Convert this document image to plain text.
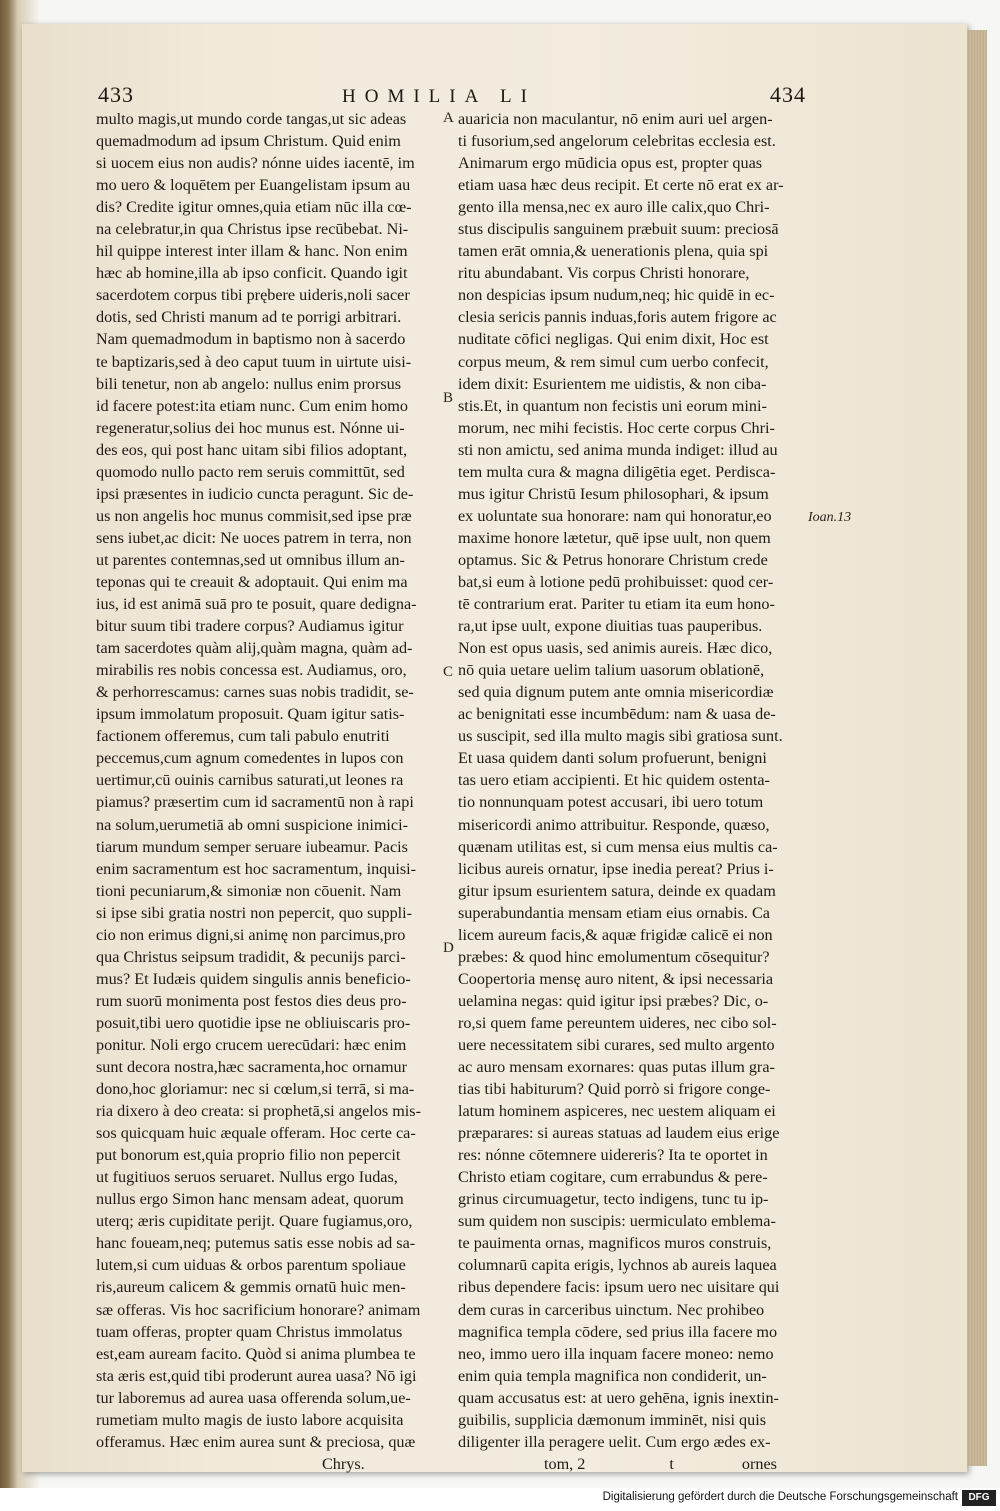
433	HOMILIA LI	434
multo magis,ut mundo corde tangas,ut sic adeas
quemadmodum ad ipsum Christum. Quid enim
si uocem eius non audis? nónne uides iacentē, im
mo uero & loquētem per Euangelistam ipsum au
dis? Credite igitur omnes,quia etiam nūc illa cœ-
na celebratur,in qua Christus ipse recūbebat. Ni-
hil quippe interest inter illam & hanc. Non enim
hæc ab homine,illa ab ipso conficit. Quando igit
sacerdotem corpus tibi prębere uideris,noli sacer
dotis, sed Christi manum ad te porrigi arbitrari.
Nam quemadmodum in baptismo non à sacerdo
te baptizaris,sed à deo caput tuum in uirtute uisi-
bili tenetur, non ab angelo: nullus enim prorsus
id facere potest:ita etiam nunc. Cum enim homo
regeneratur,solius dei hoc munus est. Nónne ui-
des eos, qui post hanc uitam sibi filios adoptant,
quomodo nullo pacto rem seruis committūt, sed
ipsi præsentes in iudicio cuncta peragunt. Sic de-
us non angelis hoc munus commisit,sed ipse præ
sens iubet,ac dicit: Ne uoces patrem in terra, non
ut parentes contemnas,sed ut omnibus illum an-
teponas qui te creauit & adoptauit. Qui enim ma
ius, id est animā suā pro te posuit, quare dedigna-
bitur suum tibi tradere corpus? Audiamus igitur
tam sacerdotes quàm alij,quàm magna, quàm ad-
mirabilis res nobis concessa est. Audiamus, oro,
& perhorrescamus: carnes suas nobis tradidit, se-
ipsum immolatum proposuit. Quam igitur satis-
factionem offeremus, cum tali pabulo enutriti
peccemus,cum agnum comedentes in lupos con
uertimur,cū ouinis carnibus saturati,ut leones ra
piamus? præsertim cum id sacramentū non à rapi
na solum,uerumetiā ab omni suspicione inimici-
tiarum mundum semper seruare iubeamur. Pacis
enim sacramentum est hoc sacramentum, inquisi-
tioni pecuniarum,& simoniæ non cōuenit. Nam
si ipse sibi gratia nostri non pepercit, quo suppli-
cio non erimus digni,si animę non parcimus,pro
qua Christus seipsum tradidit, & pecunijs parci-
mus? Et Iudæis quidem singulis annis beneficio-
rum suorū monimenta post festos dies deus pro-
posuit,tibi uero quotidie ipse ne obliuiscaris pro-
ponitur. Noli ergo crucem uerecūdari: hæc enim
sunt decora nostra,hæc sacramenta,hoc ornamur
dono,hoc gloriamur: nec si cœlum,si terrā, si ma-
ria dixero à deo creata: si prophetā,si angelos mis-
sos quicquam huic æquale offeram. Hoc certe ca-
put bonorum est,quia proprio filio non pepercit
ut fugitiuos seruos seruaret. Nullus ergo Iudas,
nullus ergo Simon hanc mensam adeat, quorum
uterq; æris cupiditate perijt. Quare fugiamus,oro,
hanc foueam,neq; putemus satis esse nobis ad sa-
lutem,si cum uiduas & orbos parentum spoliaue
ris,aureum calicem & gemmis ornatū huic men-
sæ offeras. Vis hoc sacrificium honorare? animam
tuam offeras, propter quam Christus immolatus
est,eam auream facito. Quòd si anima plumbea te
sta æris est,quid tibi proderunt aurea uasa? Nō igi
tur laboremus ad aurea uasa offerenda solum,ue-
rumetiam multo magis de iusto labore acquisita
offeramus. Hæc enim aurea sunt & preciosa, quæ
Chrys.
auaricia non maculantur, nō enim auri uel argen-
ti fusorium,sed angelorum celebritas ecclesia est.
Animarum ergo mūdicia opus est, propter quas
etiam uasa hæc deus recipit. Et certe nō erat ex ar-
gento illa mensa,nec ex auro ille calix,quo Chri-
stus discipulis sanguinem præbuit suum: preciosā
tamen erāt omnia,& uenerationis plena, quia spi
ritu abundabant. Vis corpus Christi honorare,
non despicias ipsum nudum,neq; hic quidē in ec-
clesia sericis pannis induas,foris autem frigore ac
nuditate cōfici negligas. Qui enim dixit, Hoc est
corpus meum, & rem simul cum uerbo confecit,
idem dixit: Esurientem me uidistis, & non ciba-
stis.Et, in quantum non fecistis uni eorum mini-
morum, nec mihi fecistis. Hoc certe corpus Chri-
sti non amictu, sed anima munda indiget: illud au
tem multa cura & magna diligētia eget. Perdisca-
mus igitur Christū Iesum philosophari, & ipsum
ex uoluntate sua honorare: nam qui honoratur,eo
maxime honore lætetur, quē ipse uult, non quem
optamus. Sic & Petrus honorare Christum crede
bat,si eum à lotione pedū prohibuisset: quod cer-
tē contrarium erat. Pariter tu etiam ita eum hono-
ra,ut ipse uult, expone diuitias tuas pauperibus.
Non est opus uasis, sed animis aureis. Hæc dico,
nō quia uetare uelim talium uasorum oblationē,
sed quia dignum putem ante omnia misericordiæ
ac benignitati esse incumbēdum: nam & uasa de-
us suscipit, sed illa multo magis sibi gratiosa sunt.
Et uasa quidem danti solum profuerunt, benigni
tas uero etiam accipienti. Et hic quidem ostenta-
tio nonnunquam potest accusari, ibi uero totum
misericordi animo attribuitur. Responde, quæso,
quænam utilitas est, si cum mensa eius multis ca-
licibus aureis ornatur, ipse inedia pereat? Prius i-
gitur ipsum esurientem satura, deinde ex quadam
superabundantia mensam etiam eius ornabis. Ca
licem aureum facis,& aquæ frigidæ calicē ei non
præbes: & quod hinc emolumentum cōsequitur?
Coopertoria mensę auro nitent, & ipsi necessaria
uelamina negas: quid igitur ipsi præbes? Dic, o-
ro,si quem fame pereuntem uideres, nec cibo sol-
uere necessitatem sibi curares, sed multo argento
ac auro mensam exornares: quas putas illum gra-
tias tibi habiturum? Quid porrò si frigore conge-
latum hominem aspiceres, nec uestem aliquam ei
præparares: si aureas statuas ad laudem eius erige
res: nónne cōtemnere uidereris? Ita te oportet in
Christo etiam cogitare, cum errabundus & pere-
grinus circumuagetur, tecto indigens, tunc tu ip-
sum quidem non suscipis: uermiculato emblema-
te pauimenta ornas, magnificos muros construis,
columnarū capita erigis, lychnos ab aureis laquea
ribus dependere facis: ipsum uero nec uisitare qui
dem curas in carceribus uinctum. Nec prohibeo
magnifica templa cōdere, sed prius illa facere mo
neo, immo uero illa inquam facere moneo: nemo
enim quia templa magnifica non condiderit, un-
quam accusatus est: at uero gehēna, ignis inextin-
guibilis, supplicia dæmonum imminēt, nisi quis
diligenter illa peragere uelit. Cum ergo ædes ex-
tom, 2	t	ornes
A
B
C
D
Ioan.13
Digitalisierung gefördert durch die Deutsche Forschungsgemeinschaft	DFG
